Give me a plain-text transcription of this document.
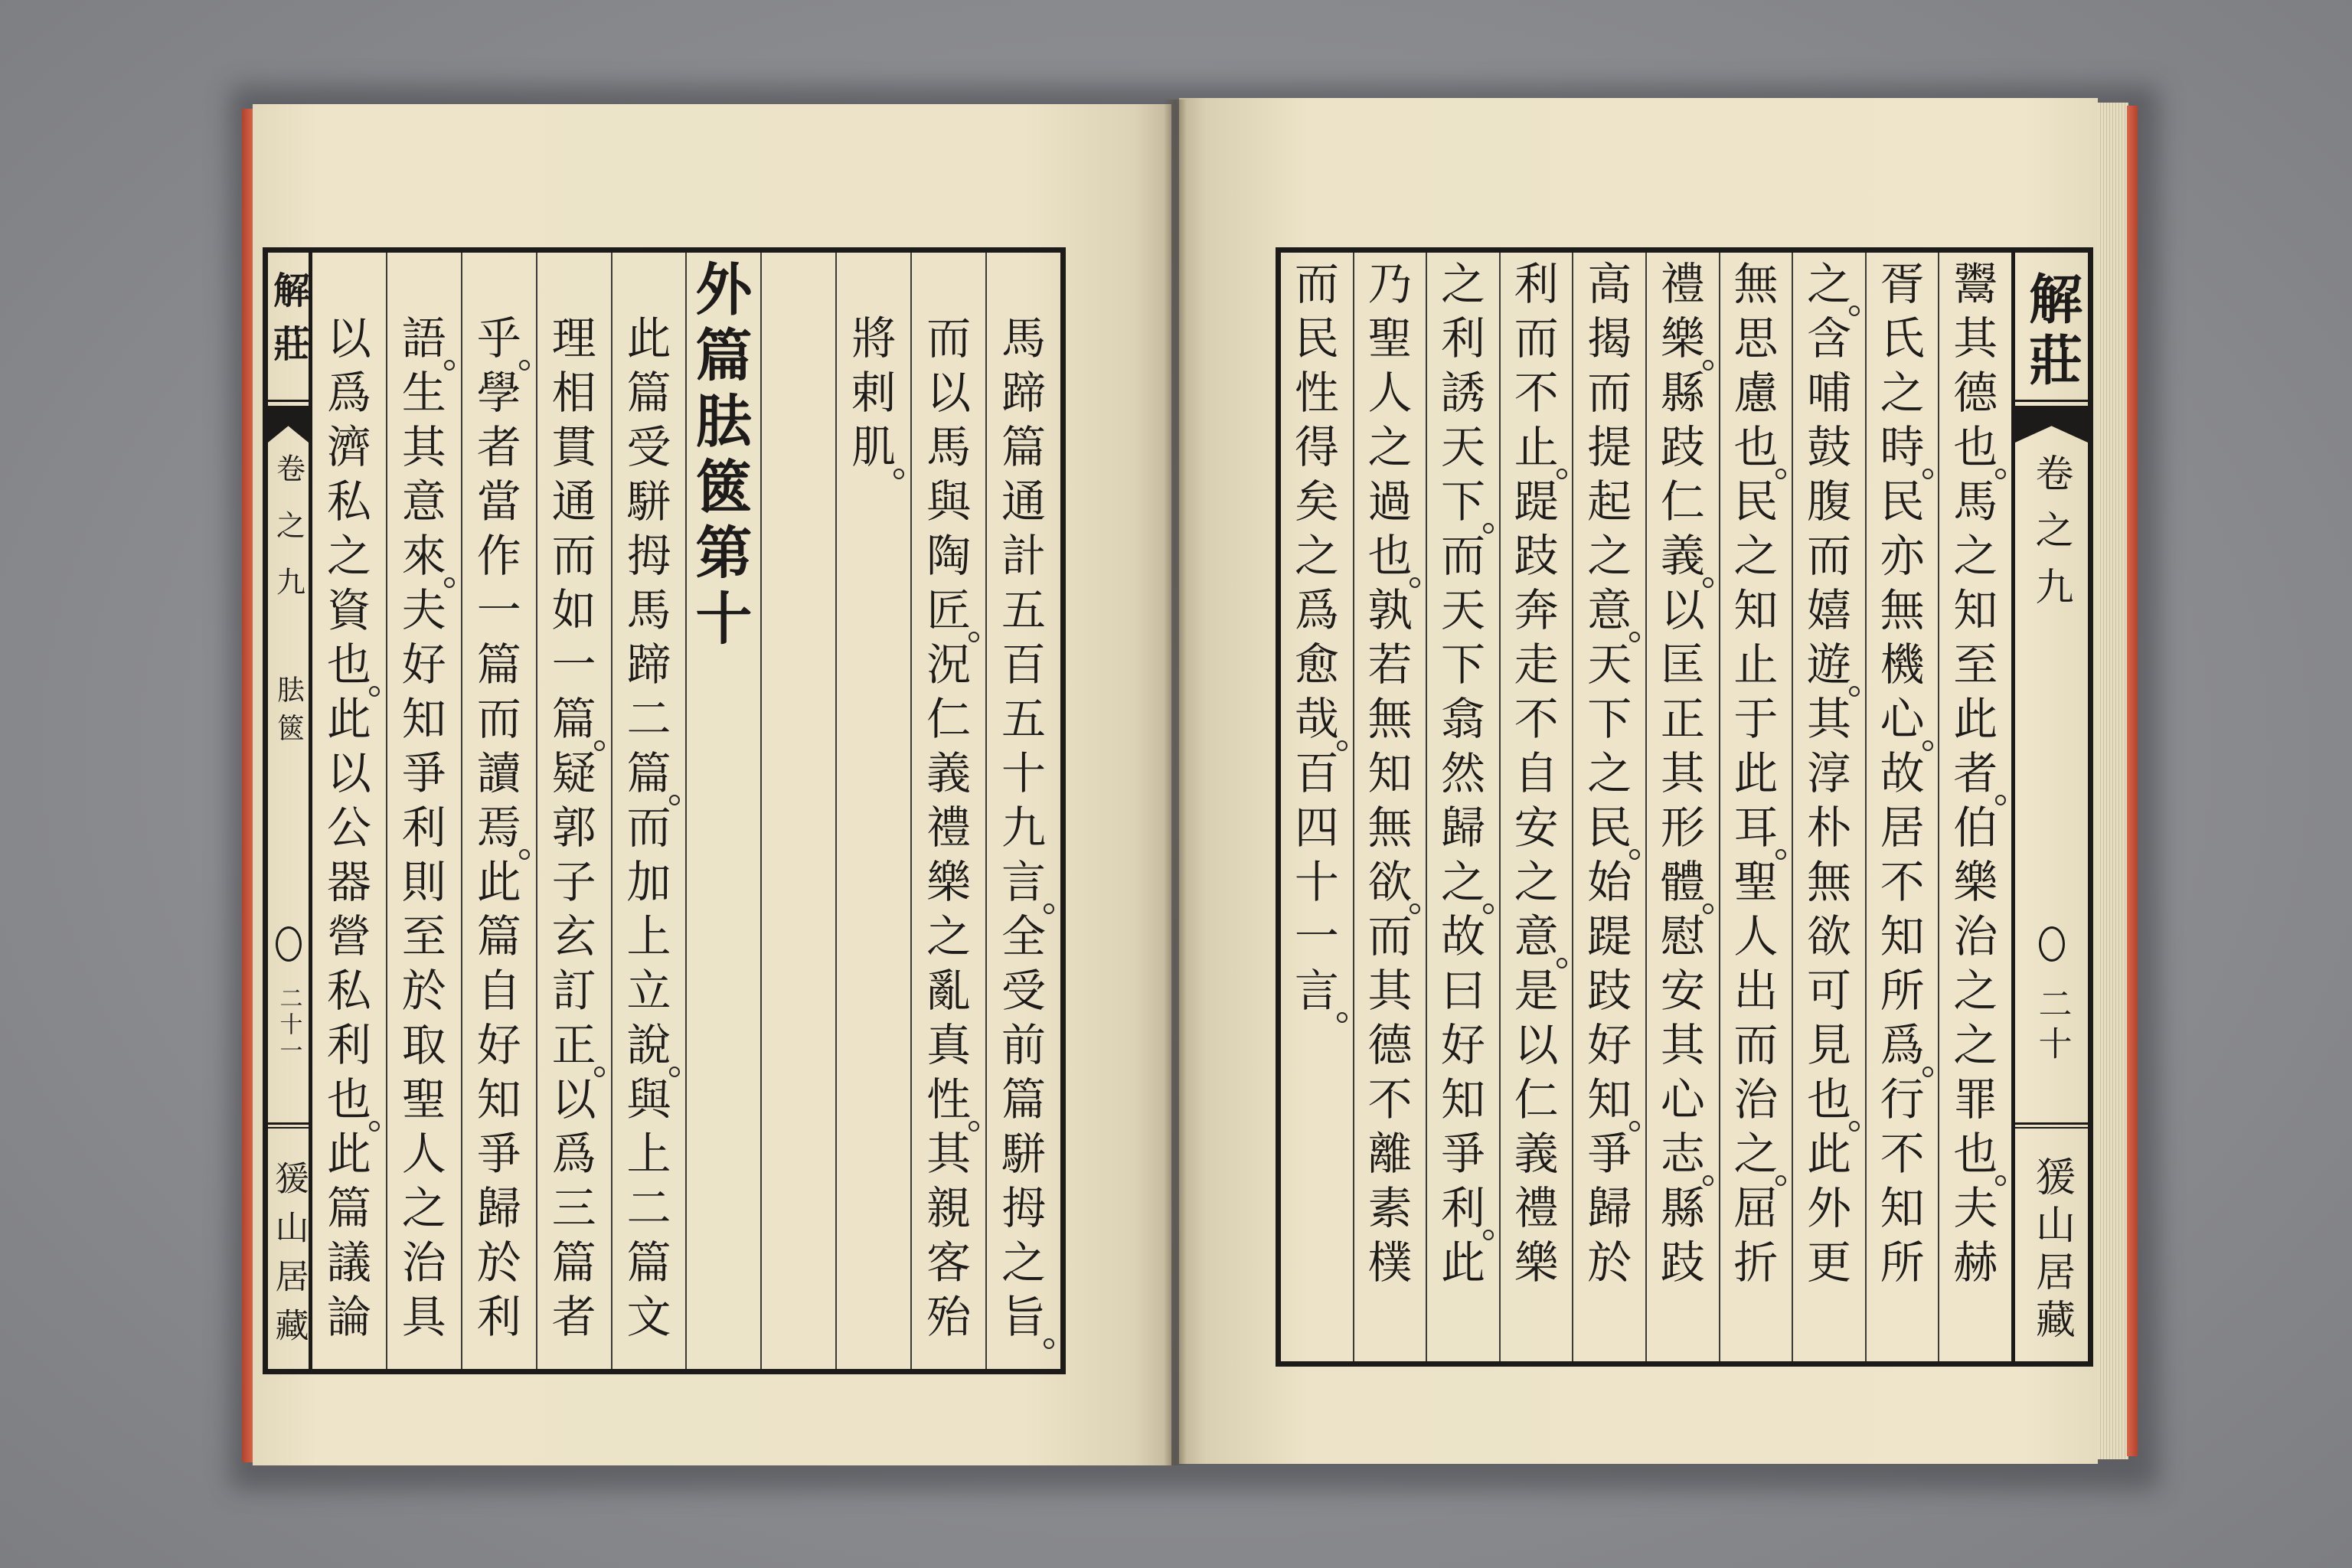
解莊
卷之九
胠篋
二十一
猨山居藏
馬
蹄
篇
通
計
五
百
五
十
九
言
全
受
前
篇
駢
拇
之
旨
而
以
馬
與
陶
匠
況
仁
義
禮
樂
之
亂
真
性
其
親
客
殆
將
剌
肌
外
篇
胠
篋
第
十
此
篇
受
駢
拇
馬
蹄
二
篇
而
加
上
立
說
與
上
二
篇
文
理
相
貫
通
而
如
一
篇
疑
郭
子
玄
訂
正
以
爲
三
篇
者
乎
學
者
當
作
一
篇
而
讀
焉
此
篇
自
好
知
爭
歸
於
利
語
生
其
意
來
夫
好
知
爭
利
則
至
於
取
聖
人
之
治
具
以
爲
濟
私
之
資
也
此
以
公
器
營
私
利
也
此
篇
議
論
鬻
其
德
也
馬
之
知
至
此
者
伯
樂
治
之
之
罪
也
夫
赫
胥
氏
之
時
民
亦
無
機
心
故
居
不
知
所
爲
行
不
知
所
之
含
哺
鼓
腹
而
嬉
遊
其
淳
朴
無
欲
可
見
也
此
外
更
無
思
慮
也
民
之
知
止
于
此
耳
聖
人
出
而
治
之
屈
折
禮
樂
縣
跂
仁
義
以
匡
正
其
形
體
慰
安
其
心
志
縣
跂
高
揭
而
提
起
之
意
天
下
之
民
始
踶
跂
好
知
爭
歸
於
利
而
不
止
踶
跂
奔
走
不
自
安
之
意
是
以
仁
義
禮
樂
之
利
誘
天
下
而
天
下
翕
然
歸
之
故
曰
好
知
爭
利
此
乃
聖
人
之
過
也
孰
若
無
知
無
欲
而
其
德
不
離
素
樸
而
民
性
得
矣
之
爲
愈
哉
百
四
十
一
言
解莊
卷之九
二十
猨山居藏
